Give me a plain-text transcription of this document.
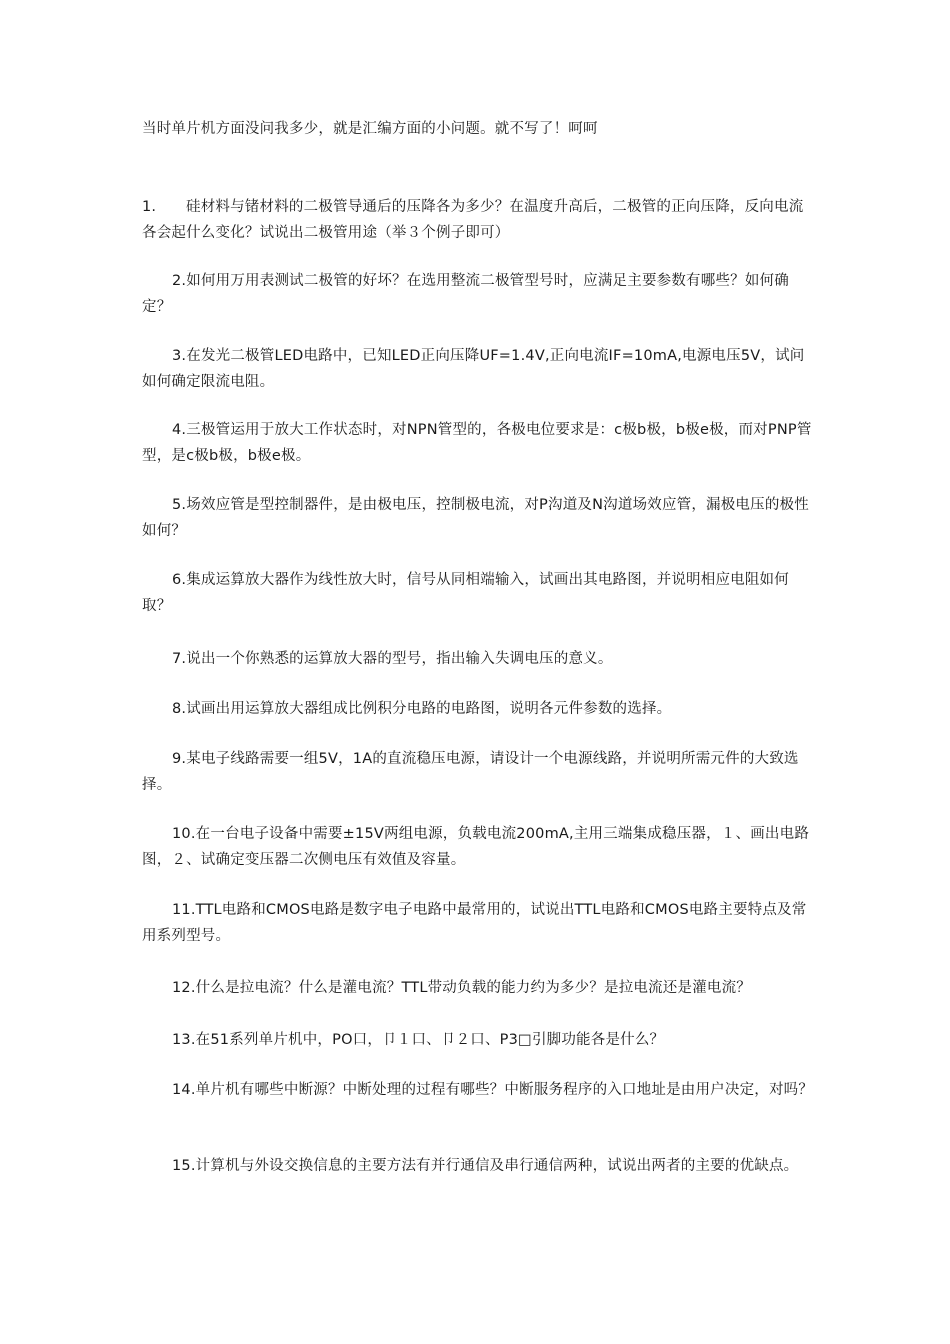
当时单片机方面没问我多少，就是汇编方面的小问题。就不写了！呵呵
1. 硅材料与锗材料的二极管导通后的压降各为多少？在温度升高后，二极管的正向压降，反向电流各会起什么变化？试说出二极管用途（举３个例子即可）
2.如何用万用表测试二极管的好坏？在选用整流二极管型号时，应满足主要参数有哪些？如何确定？
3.在发光二极管LED电路中，已知LED正向压降UF=1.4V,正向电流IF=10mA,电源电压5V，试问如何确定限流电阻。
4.三极管运用于放大工作状态时，对NPN管型的，各极电位要求是：c极b极，b极e极，而对PNP管型，是c极b极，b极e极。
5.场效应管是型控制器件，是由极电压，控制极电流，对P沟道及N沟道场效应管，漏极电压的极性如何？
6.集成运算放大器作为线性放大时，信号从同相端输入，试画出其电路图，并说明相应电阻如何取？
7.说出一个你熟悉的运算放大器的型号，指出输入失调电压的意义。
8.试画出用运算放大器组成比例积分电路的电路图，说明各元件参数的选择。
9.某电子线路需要一组5V，1A的直流稳压电源，请设计一个电源线路，并说明所需元件的大致选择。
10.在一台电子设备中需要±15V两组电源，负载电流200mA,主用三端集成稳压器，１、画出电路图，２、试确定变压器二次侧电压有效值及容量。
11.TTL电路和CMOS电路是数字电子电路中最常用的，试说出TTL电路和CMOS电路主要特点及常用系列型号。
12.什么是拉电流？什么是灌电流？TTL带动负载的能力约为多少？是拉电流还是灌电流？
13.在51系列单片机中，PO口，卩１口、卩２口、P3□引脚功能各是什么？
14.单片机有哪些中断源？中断处理的过程有哪些？中断服务程序的入口地址是由用户决定，对吗？
15.计算机与外设交换信息的主要方法有并行通信及串行通信两种，试说出两者的主要的优缺点。
